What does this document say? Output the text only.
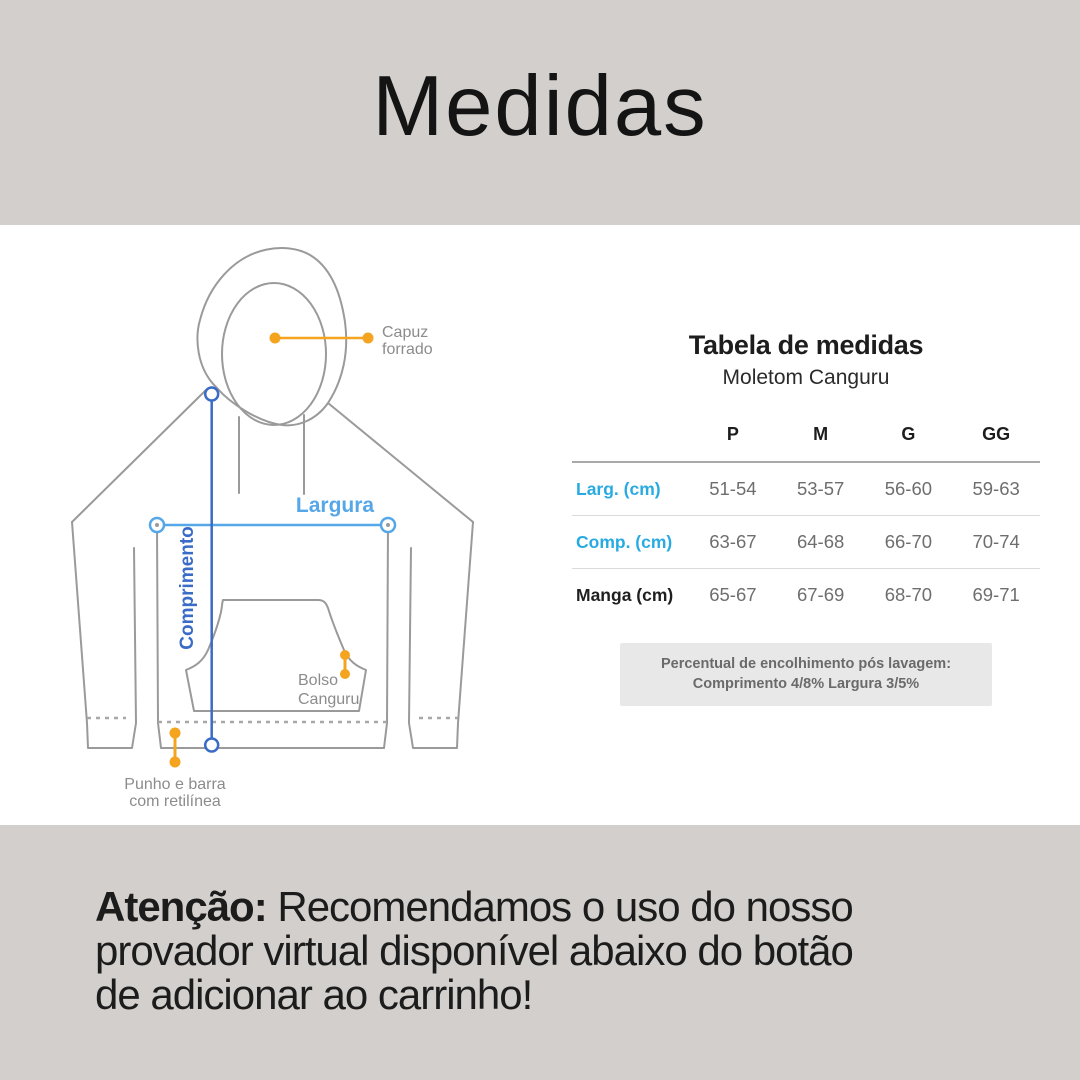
Medidas
Largura
Comprimento
Capuz
forrado
Bolso
Canguru
Punho e barra
com retilínea
Tabela de medidas
Moletom Canguru
	P	M	G	GG
Larg. (cm)	51-54	53-57	56-60	59-63
Comp. (cm)	63-67	64-68	66-70	70-74
Manga (cm)	65-67	67-69	68-70	69-71
Percentual de encolhimento pós lavagem:
Comprimento 4/8% Largura 3/5%

Atenção: Recomendamos o uso do nosso
provador virtual disponível abaixo do botão
de adicionar ao carrinho!
